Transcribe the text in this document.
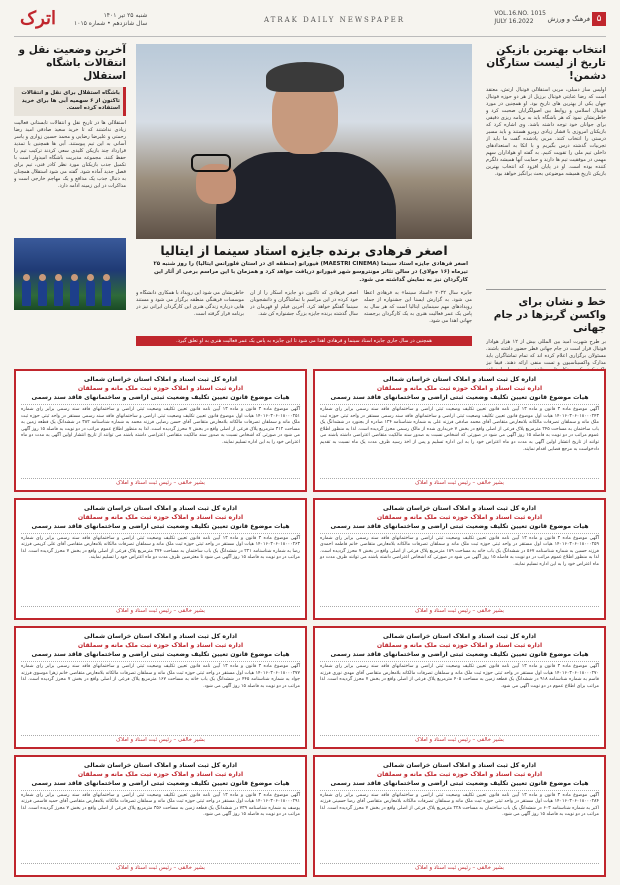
۵
فرهنگ و ورزش
VOL.16.NO. 1015
JULY 16.2022
ATRAK DAILY NEWSPAPER
شنبه ۲۵ تیر ۱۴۰۱
سال شانزدهم • شماره ۱۰۱۵
اترک
انتخاب بهترین بازیکن تاریخ از لیست ستارگان دشمن!
اولیس ساز دمبلی، مربی استقلالی فوتبال ارتش، معتقد است که رضا عنایتی فوتبال برزیل از هر دو حوزه فوتبال جهان یکی از بهترین های تاریخ بود. او همچنین در مورد فوتبال اسلامی و روابط بین اصولگرایان صحبت کرد و خاطرنشان نمود که هر باشگاه باید به برنامه ریزی دقیقی برای جوانان خود توجه داشته باشد. وی اشاره کرد که بازیکنان امروزی با فشار زیادی روبرو هستند و باید مسیر درستی را انتخاب کنند. مربی یادشده گفت ما باید از تجربیات گذشته درس بگیریم و با اتکا به استعدادهای داخلی تیم ملی را تقویت کنیم. به گفته او هواداران سهم مهمی در موفقیت تیم ها دارند و حمایت آنها همیشه دلگرم کننده بوده است. او در پایان افزود که انتخاب بهترین بازیکن تاریخ همیشه موضوعی بحث برانگیز خواهد بود.
خط و نشان برای واکسن گریزها در جام جهانی
بر طرح شهرت امید بین المللی بیش از ۱۲ هزار هوادار فوتبال قرار است در جام جهانی قطر حضور داشته باشند. مسئولان برگزاری اعلام کرده اند که تمام تماشاگران باید مدارک واکسیناسیون و تست منفی ارائه دهند. فیفا نیز
اصغر فرهادی برنده جایزه استاد سینما از ایتالیا
اصغر فرهادی جایزه استاد سینما (MAESTRI CINEMA) فیورانو (منطقه ای در استان فلورانس ایتالیا) را روز شنبه ۲۵ تیرماه (۱۶ جولای) در سالن تئاتر مونتروسو شهر فیورانو دریافت خواهد کرد و همزمان با این مراسم برخی از آثار این کارگردان نیز به نمایش گذاشته می شود.
جایزه سال ۲۰۲۲ «استاد سینما» به فرهادی اعطا می شود. به گزارش ایسنا این جشنواره از جمله رویدادهای مهم سینمایی ایتالیا است که هر سال به پاس یک عمر فعالیت هنری به یک کارگردان برجسته جهانی اهدا می شود.
اصغر فرهادی که تاکنون دو جایزه اسکار را از آن خود کرده در این مراسم با تماشاگران و دانشجویان سینما گفتگو خواهد کرد. آخرین فیلم او قهرمان در سال گذشته برنده جایزه بزرگ جشنواره کن شد.
خاطرنشان می شود این رویداد با همکاری دانشگاه و موسسات فرهنگی منطقه برگزار می شود و مستند هایی درباره زندگی هنری این کارگردان ایرانی نیز در برنامه قرار گرفته است.
همچنین در سال جاری جایزه استاد سینما و فرهادی اهدا می شود تا این جایزه به پاس یک عمر فعالیت هنری به او تعلق گیرد.
آخرین وضعیت نقل و انتقالات باشگاه استقلال
باشگاه استقلال برای نقل و انتقالات تاکنون از ۶ سهمیه آبی ها برای خرید استفاده کرده است.
استقلالی ها در تاریخ نقل و انتقالات تابستانی فعالیت زیادی نداشتند که تا خرید سعید صادقی امید رضا رحمتی و علیرضا رضایی و محمد حسین زواری و یاسر آسانی به این تیم پیوستند. آبی ها همچنین با تمدید قرارداد چند بازیکن کلیدی سعی کردند ترکیب تیم را حفظ کنند. مجموعه مدیریت باشگاه امیدوار است با تکمیل جذب بازیکنان مورد نظر کادر فنی، تیم برای فصل جدید آماده شود. گفته می شود استقلال همچنان به دنبال جذب یک مدافع و یک مهاجم خارجی است و مذاکرات در این زمینه ادامه دارد.
اداره کل ثبت اسناد و املاک استان خراسان شمالی
اداره ثبت اسناد و املاک حوزه ثبت ملک ماﻧﻪ و سملقان
هیات موضوع قانون تعیین تکلیف وضعیت ثبتی اراضی و ساختمانهای فاقد سند رسمی
آگهی موضوع ماده ۳ قانون و ماده ۱۳ آیین نامه قانون تعیین تکلیف وضعیت ثبتی اراضی و ساختمانهای فاقد سند رسمی برابر رای شماره ۱۴۰۱۶۰۳۰۶۰۱۸۰۰۰۲۴۳ هیات اول موضوع قانون تعیین تکلیف وضعیت ثبتی اراضی و ساختمانهای فاقد سند رسمی مستقر در واحد ثبتی حوزه ثبت ملک ماﻧﻪ و سملقان تصرفات مالکانه بلامعارض متقاضی آقای محمد صادقی فرزند علی به شماره شناسنامه ۱۲۴ صادره از بجنورد در ششدانگ یک باب ساختمان به مساحت ۲۴۵ مترمربع پلاک فرعی از اصلی واقع در بخش ۷ خریداری شده از مالک رسمی محرز گردیده است. لذا به منظور اطلاع عموم مراتب در دو نوبت به فاصله ۱۵ روز آگهی می شود در صورتی که اشخاص نسبت به صدور سند مالکیت متقاضی اعتراضی داشته باشند می توانند از تاریخ انتشار اولین آگهی به مدت دو ماه اعتراض خود را به این اداره تسلیم و پس از اخذ رسید ظرف مدت یک ماه نسبت به تقدیم دادخواست به مرجع قضایی اقدام نمایند.
بشیر خالقی – رئیس ثبت اسناد و املاک
اداره کل ثبت اسناد و املاک استان خراسان شمالی
اداره ثبت اسناد و املاک حوزه ثبت ملک ماﻧﻪ و سملقان
هیات موضوع قانون تعیین تکلیف وضعیت ثبتی اراضی و ساختمانهای فاقد سند رسمی
آگهی موضوع ماده ۳ قانون و ماده ۱۳ آیین نامه قانون تعیین تکلیف وضعیت ثبتی اراضی و ساختمانهای فاقد سند رسمی برابر رای شماره ۱۴۰۱۶۰۳۰۶۰۱۸۰۰۰۲۵۱ هیات اول موضوع قانون تعیین تکلیف وضعیت ثبتی اراضی و ساختمانهای فاقد سند رسمی مستقر در واحد ثبتی حوزه ثبت ملک ماﻧﻪ و سملقان تصرفات مالکانه بلامعارض متقاضی آقای حسن رضایی فرزند محمد به شماره شناسنامه ۳۸۲ در ششدانگ یک قطعه زمین به مساحت ۳۱۲ مترمربع پلاک فرعی از اصلی واقع در بخش ۷ محرز گردیده است. لذا به منظور اطلاع عموم مراتب در دو نوبت به فاصله ۱۵ روز آگهی می شود در صورتی که اشخاص نسبت به صدور سند مالکیت متقاضی اعتراضی داشته باشند می توانند از تاریخ انتشار اولین آگهی به مدت دو ماه اعتراض خود را به این اداره تسلیم نمایند.
بشیر خالقی – رئیس ثبت اسناد و املاک
اداره کل ثبت اسناد و املاک استان خراسان شمالی
اداره ثبت اسناد و املاک حوزه ثبت ملک ماﻧﻪ و سملقان
هیات موضوع قانون تعیین تکلیف وضعیت ثبتی اراضی و ساختمانهای فاقد سند رسمی
آگهی موضوع ماده ۳ قانون و ماده ۱۳ آیین نامه قانون تعیین تکلیف وضعیت ثبتی اراضی و ساختمانهای فاقد سند رسمی برابر رای شماره ۱۴۰۱۶۰۳۰۶۰۱۸۰۰۰۲۵۹ هیات اول مستقر در واحد ثبتی حوزه ثبت ملک ماﻧﻪ و سملقان تصرفات مالکانه بلامعارض متقاضی خانم فاطمه احمدی فرزند حسین به شماره شناسنامه ۵۶۷ در ششدانگ یک باب خانه به مساحت ۱۸۹ مترمربع پلاک فرعی از اصلی واقع در بخش ۷ محرز گردیده است. لذا به منظور اطلاع عموم مراتب در دو نوبت به فاصله ۱۵ روز آگهی می شود در صورتی که اشخاص اعتراضی داشته باشند می توانند ظرف مدت دو ماه اعتراض خود را به این اداره تسلیم نمایند.
بشیر خالقی – رئیس ثبت اسناد و املاک
اداره کل ثبت اسناد و املاک استان خراسان شمالی
اداره ثبت اسناد و املاک حوزه ثبت ملک ماﻧﻪ و سملقان
هیات موضوع قانون تعیین تکلیف وضعیت ثبتی اراضی و ساختمانهای فاقد سند رسمی
آگهی موضوع ماده ۳ قانون و ماده ۱۳ آیین نامه قانون تعیین تکلیف وضعیت ثبتی اراضی و ساختمانهای فاقد سند رسمی برابر رای شماره ۱۴۰۱۶۰۳۰۶۰۱۸۰۰۰۲۶۳ هیات اول مستقر در واحد ثبتی حوزه ثبت ملک ماﻧﻪ و سملقان تصرفات مالکانه بلامعارض متقاضی آقای علی کریمی فرزند رضا به شماره شناسنامه ۲۲۱ در ششدانگ یک باب ساختمان به مساحت ۲۷۴ مترمربع پلاک فرعی از اصلی واقع در بخش ۷ محرز گردیده است. لذا مراتب در دو نوبت به فاصله ۱۵ روز آگهی می شود تا معترضین ظرف مدت دو ماه اعتراض خود را تسلیم نمایند.
بشیر خالقی – رئیس ثبت اسناد و املاک
اداره کل ثبت اسناد و املاک استان خراسان شمالی
اداره ثبت اسناد و املاک حوزه ثبت ملک ماﻧﻪ و سملقان
هیات موضوع قانون تعیین تکلیف وضعیت ثبتی اراضی و ساختمانهای فاقد سند رسمی
آگهی موضوع ماده ۳ قانون و ماده ۱۳ آیین نامه قانون تعیین تکلیف وضعیت ثبتی اراضی و ساختمانهای فاقد سند رسمی برابر رای شماره ۱۴۰۱۶۰۳۰۶۰۱۸۰۰۰۲۷۰ هیات اول مستقر در واحد ثبتی حوزه ثبت ملک ماﻧﻪ و سملقان تصرفات مالکانه بلامعارض متقاضی آقای مهدی نوری فرزند قاسم به شماره شناسنامه ۹۱۸ در ششدانگ یک قطعه زمین به مساحت ۴۰۵ مترمربع پلاک فرعی از اصلی واقع در بخش ۷ محرز گردیده است. لذا مراتب برای اطلاع عموم در دو نوبت آگهی می شود.
بشیر خالقی – رئیس ثبت اسناد و املاک
اداره کل ثبت اسناد و املاک استان خراسان شمالی
اداره ثبت اسناد و املاک حوزه ثبت ملک ماﻧﻪ و سملقان
هیات موضوع قانون تعیین تکلیف وضعیت ثبتی اراضی و ساختمانهای فاقد سند رسمی
آگهی موضوع ماده ۳ قانون و ماده ۱۳ آیین نامه قانون تعیین تکلیف وضعیت ثبتی اراضی و ساختمانهای فاقد سند رسمی برابر رای شماره ۱۴۰۱۶۰۳۰۶۰۱۸۰۰۰۲۷۷ هیات اول مستقر در واحد ثبتی حوزه ثبت ملک ماﻧﻪ و سملقان تصرفات مالکانه بلامعارض متقاضی خانم زهرا موسوی فرزند جواد به شماره شناسنامه ۴۴۵ در ششدانگ یک باب خانه به مساحت ۱۶۷ مترمربع پلاک فرعی از اصلی واقع در بخش ۷ محرز گردیده است. لذا مراتب در دو نوبت به فاصله ۱۵ روز آگهی می شود.
بشیر خالقی – رئیس ثبت اسناد و املاک
اداره کل ثبت اسناد و املاک استان خراسان شمالی
اداره ثبت اسناد و املاک حوزه ثبت ملک ماﻧﻪ و سملقان
هیات موضوع قانون تعیین تکلیف وضعیت ثبتی اراضی و ساختمانهای فاقد سند رسمی
آگهی موضوع ماده ۳ قانون و ماده ۱۳ آیین نامه قانون تعیین تکلیف وضعیت ثبتی اراضی و ساختمانهای فاقد سند رسمی برابر رای شماره ۱۴۰۱۶۰۳۰۶۰۱۸۰۰۰۲۸۴ هیات اول مستقر در واحد ثبتی حوزه ثبت ملک ماﻧﻪ و سملقان تصرفات مالکانه بلامعارض متقاضی آقای رضا حسینی فرزند اکبر به شماره شناسنامه ۶۰۳ در ششدانگ یک باب ساختمان به مساحت ۲۲۸ مترمربع پلاک فرعی از اصلی واقع در بخش ۷ محرز گردیده است. لذا مراتب در دو نوبت به فاصله ۱۵ روز آگهی می شود.
بشیر خالقی – رئیس ثبت اسناد و املاک
اداره کل ثبت اسناد و املاک استان خراسان شمالی
اداره ثبت اسناد و املاک حوزه ثبت ملک ماﻧﻪ و سملقان
هیات موضوع قانون تعیین تکلیف وضعیت ثبتی اراضی و ساختمانهای فاقد سند رسمی
آگهی موضوع ماده ۳ قانون و ماده ۱۳ آیین نامه قانون تعیین تکلیف وضعیت ثبتی اراضی و ساختمانهای فاقد سند رسمی برابر رای شماره ۱۴۰۱۶۰۳۰۶۰۱۸۰۰۰۲۹۱ هیات اول مستقر در واحد ثبتی حوزه ثبت ملک ماﻧﻪ و سملقان تصرفات مالکانه بلامعارض متقاضی آقای حمید قاسمی فرزند یوسف به شماره شناسنامه ۷۳۹ در ششدانگ یک قطعه زمین به مساحت ۳۵۶ مترمربع پلاک فرعی از اصلی واقع در بخش ۷ محرز گردیده است. لذا مراتب در دو نوبت به فاصله ۱۵ روز آگهی می شود.
بشیر خالقی – رئیس ثبت اسناد و املاک
